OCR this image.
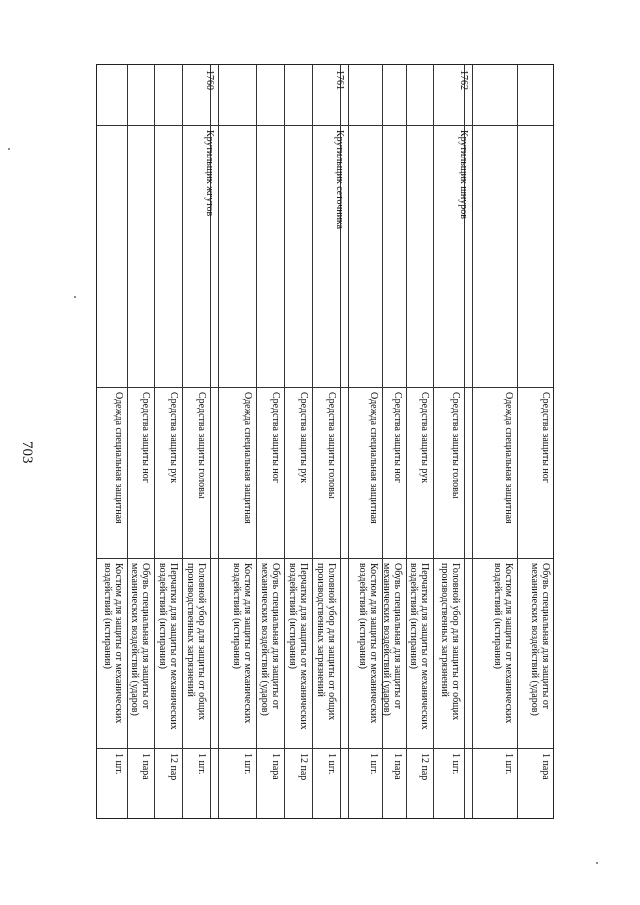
703	Одежда специальная защитная
Костюм для защиты от механических воздействий (истирания)
1 шт.
Средства защиты ног
Обувь специальная для защиты от механических воздействий (ударов)
1 пара
Средства защиты рук
Перчатки для защиты от механических воздействий (истирания)
12 пар
Средства защиты головы
Головной убор для защиты от общих производственных загрязнений
1 шт.
1760
Крутильщик жгутов
Одежда специальная защитная
Костюм для защиты от механических воздействий (истирания)
1 шт.
Средства защиты ног
Обувь специальная для защиты от механических воздействий (ударов)
1 пара
Средства защиты рук
Перчатки для защиты от механических воздействий (истирания)
12 пар
Средства защиты головы
Головной убор для защиты от общих производственных загрязнений
1 шт.
1761
Крутильщик сеточника
Одежда специальная защитная
Костюм для защиты от механических воздействий (истирания)
1 шт.
Средства защиты ног
Обувь специальная для защиты от механических воздействий (ударов)
1 пара
Средства защиты рук
Перчатки для защиты от механических воздействий (истирания)
12 пар
Средства защиты головы
Головной убор для защиты от общих производственных загрязнений
1 шт.
1762
Крутильщик шнуров
Одежда специальная защитная
Костюм для защиты от механических воздействий (истирания)
1 шт.
Средства защиты ног
Обувь специальная для защиты от механических воздействий (ударов)
1 пара
